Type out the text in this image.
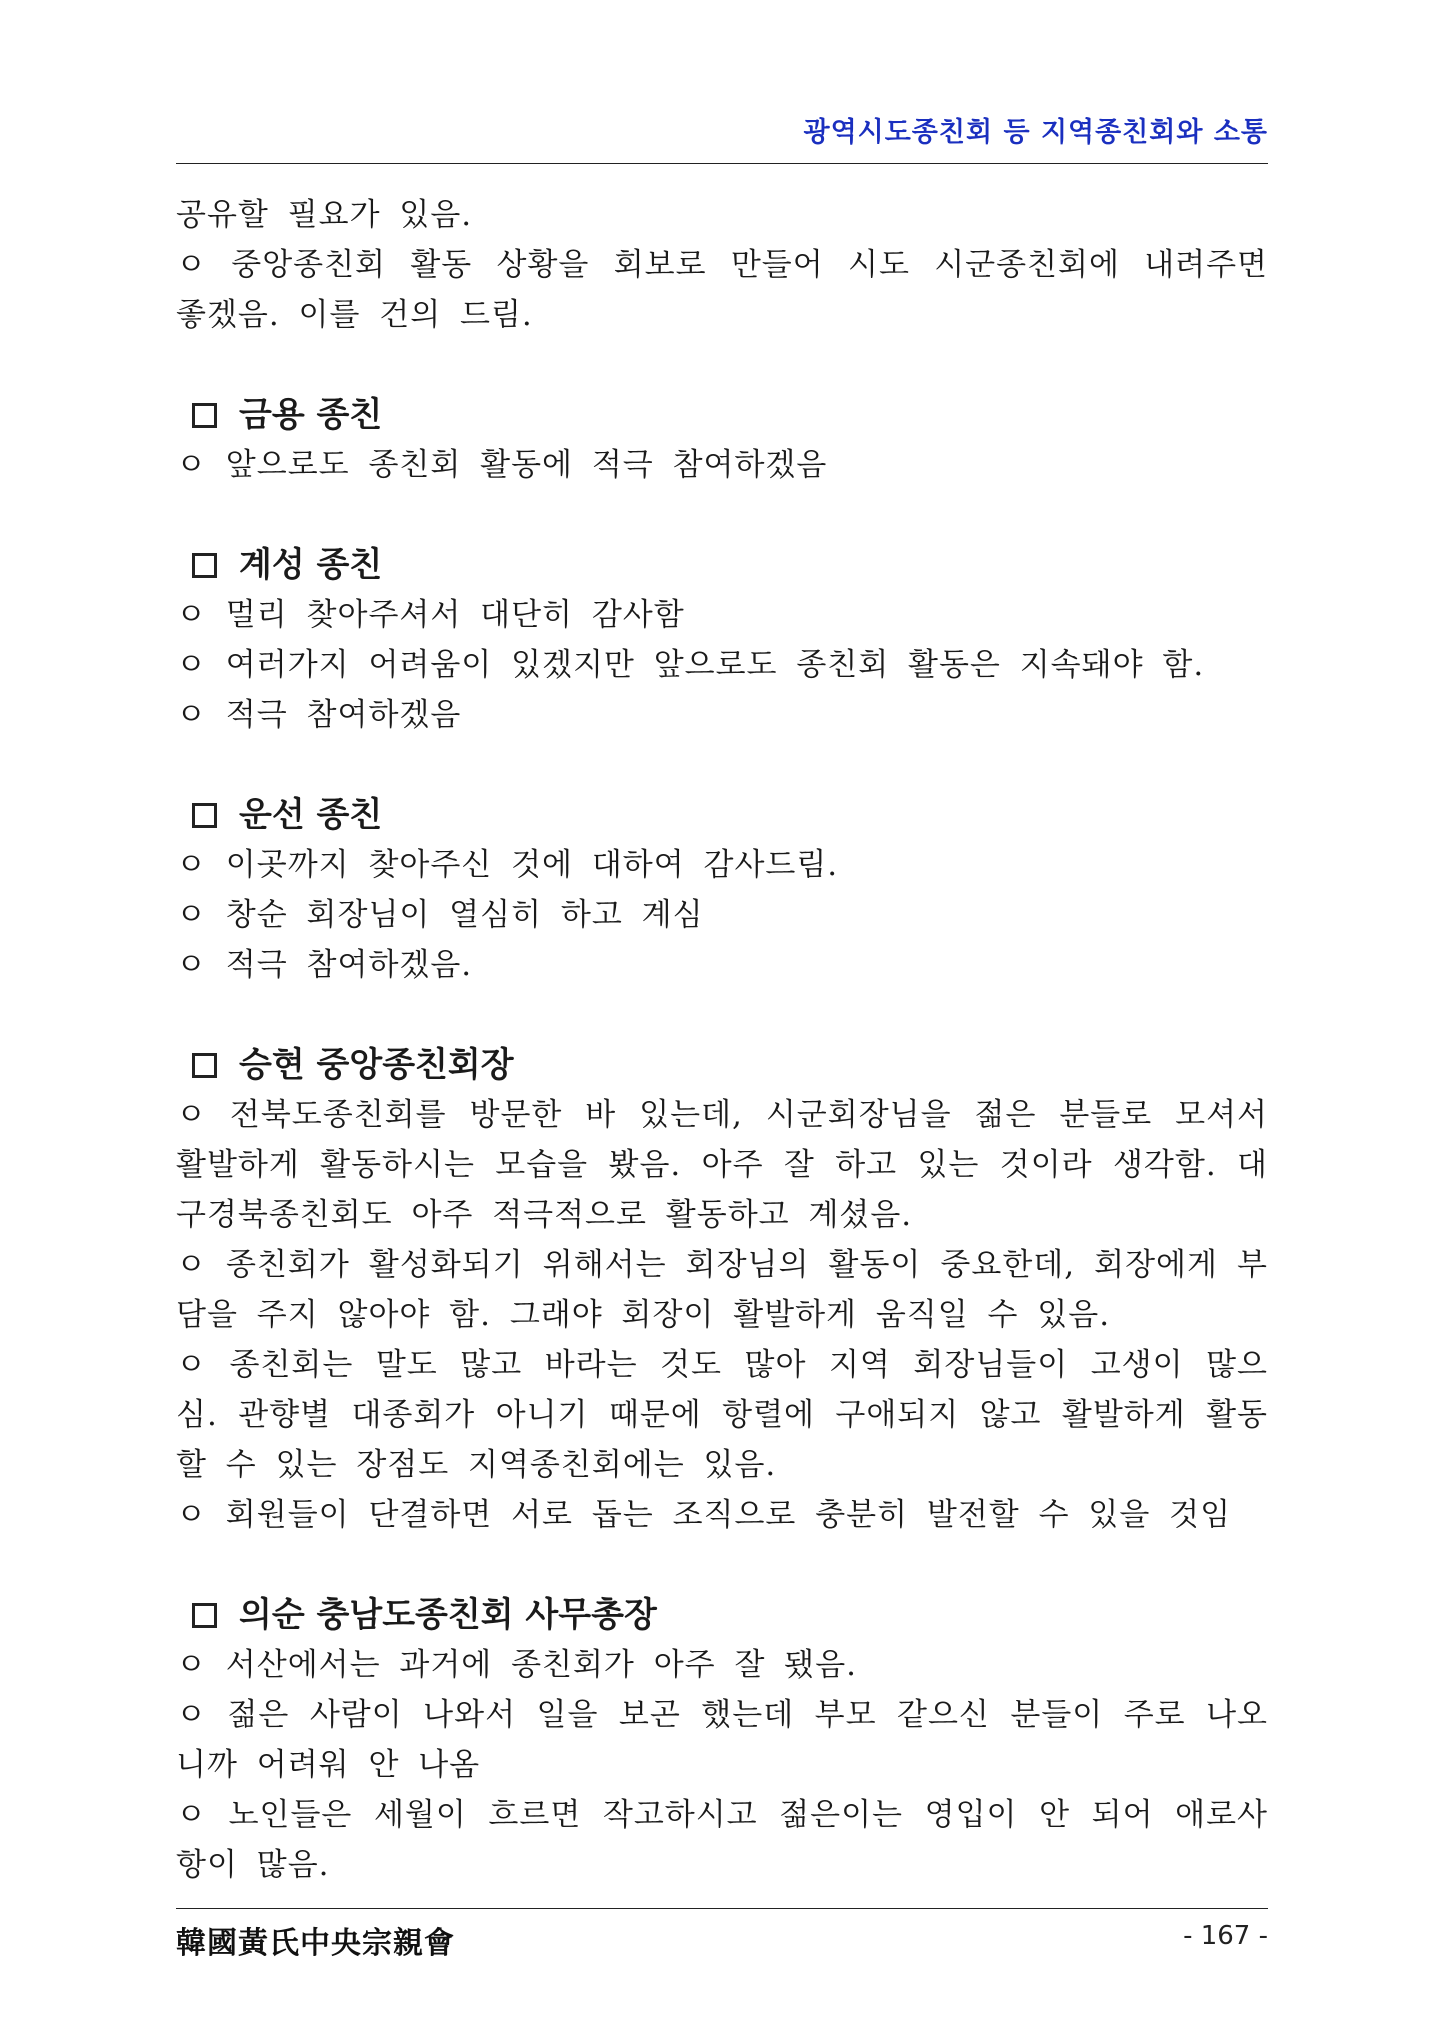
광역시도종친회 등 지역종친회와 소통

공유할 필요가 있음.

ㅇ 중앙종친회 활동 상황을 회보로 만들어 시도 시군종친회에 내려주면 좋겠음. 이를 건의 드림.

금용 종친

ㅇ 앞으로도 종친회 활동에 적극 참여하겠음

계성 종친

ㅇ 멀리 찾아주셔서 대단히 감사함

ㅇ 여러가지 어려움이 있겠지만 앞으로도 종친회 활동은 지속돼야 함.

ㅇ 적극 참여하겠음

운선 종친

ㅇ 이곳까지 찾아주신 것에 대하여 감사드림.

ㅇ 창순 회장님이 열심히 하고 계심

ㅇ 적극 참여하겠음.

승현 중앙종친회장

ㅇ 전북도종친회를 방문한 바 있는데, 시군회장님을 젊은 분들로 모셔서 활발하게 활동하시는 모습을 봤음. 아주 잘 하고 있는 것이라 생각함. 대구경북종친회도 아주 적극적으로 활동하고 계셨음.

ㅇ 종친회가 활성화되기 위해서는 회장님의 활동이 중요한데, 회장에게 부담을 주지 않아야 함. 그래야 회장이 활발하게 움직일 수 있음.

ㅇ 종친회는 말도 많고 바라는 것도 많아 지역 회장님들이 고생이 많으심. 관향별 대종회가 아니기 때문에 항렬에 구애되지 않고 활발하게 활동할 수 있는 장점도 지역종친회에는 있음.

ㅇ 회원들이 단결하면 서로 돕는 조직으로 충분히 발전할 수 있을 것임

의순 충남도종친회 사무총장

ㅇ 서산에서는 과거에 종친회가 아주 잘 됐음.

ㅇ 젊은 사람이 나와서 일을 보곤 했는데 부모 같으신 분들이 주로 나오니까 어려워 안 나옴

ㅇ 노인들은 세월이 흐르면 작고하시고 젊은이는 영입이 안 되어 애로사항이 많음.

韓國黃氏中央宗親會	- 167 -
